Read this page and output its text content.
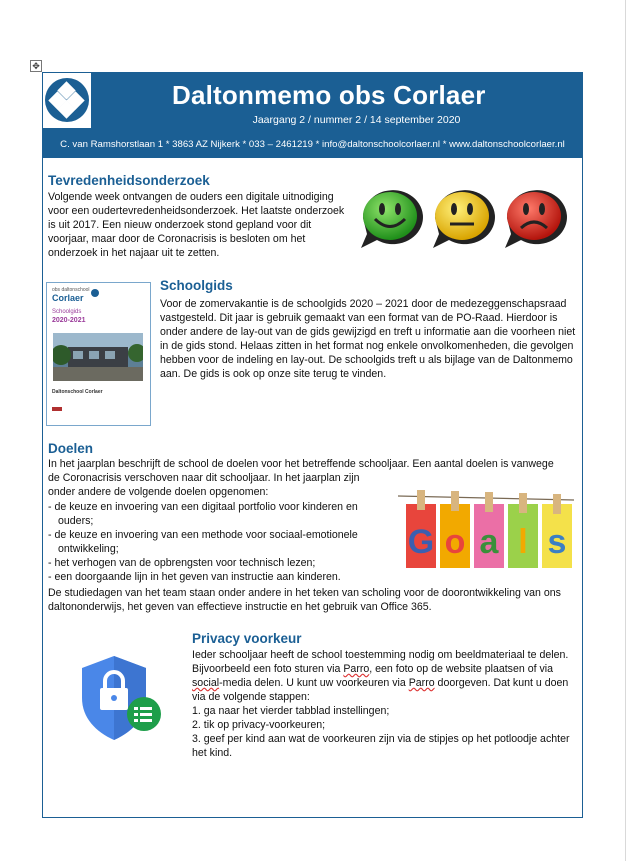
✥
Daltonmemo obs Corlaer
Jaargang 2 / nummer 2 / 14 september 2020
C. van Ramshorstlaan 1 * 3863 AZ Nijkerk * 033 – 2461219 * info@daltonschoolcorlaer.nl * www.daltonschoolcorlaer.nl
Tevredenheidsonderzoek

Volgende week ontvangen de ouders een digitale uitnodiging voor een oudertevredenheidsonderzoek. Het laatste onderzoek is uit 2017. Een nieuw onderzoek stond gepland voor dit voorjaar, maar door de Coronacrisis is besloten om het onderzoek in het najaar uit te zetten.

obs daltonschool
Corlaer
Schoolgids
2020-2021
Daltonschool Corlaer
Schoolgids

Voor de zomervakantie is de schoolgids 2020 – 2021 door de medezeggenschapsraad vastgesteld. Dit jaar is gebruik gemaakt van een format van de PO-Raad. Hierdoor is onder andere de lay-out van de gids gewijzigd en treft u informatie aan die voorheen niet in de gids stond. Helaas zitten in het format nog enkele onvolkomenheden, die gevolgen hebben voor de indeling en lay-out. De schoolgids treft u als bijlage van de Daltonmemo aan. De gids is ook op onze site terug te vinden.

Doelen

In het jaarplan beschrijft de school de doelen voor het betreffende schooljaar. Een aantal doelen is vanwege

de Coronacrisis verschoven naar dit schooljaar. In het jaarplan zijn

onder andere de volgende doelen opgenomen:

- de keuze en invoering van een digitaal portfolio voor kinderen en ouders;
- de keuze en invoering van een methode voor sociaal-emotionele ontwikkeling;
- het verhogen van de opbrengsten voor technisch lezen;
- een doorgaande lijn in het geven van instructie aan kinderen.

De studiedagen van het team staan onder andere in het teken van scholing voor de doorontwikkeling van ons daltononderwijs, het geven van effectieve instructie en het gebruik van Office 365.

G o a l s
Privacy voorkeur

Ieder schooljaar heeft de school toestemming nodig om beeldmateriaal te delen. Bijvoorbeeld een foto sturen via Parro, een foto op de website plaatsen of via social-media delen. U kunt uw voorkeuren via Parro doorgeven. Dat kunt u doen via de volgende stappen:

1. ga naar het vierder tabblad instellingen;
2. tik op privacy-voorkeuren;
3. geef per kind aan wat de voorkeuren zijn via de stipjes op het potloodje achter het kind.
